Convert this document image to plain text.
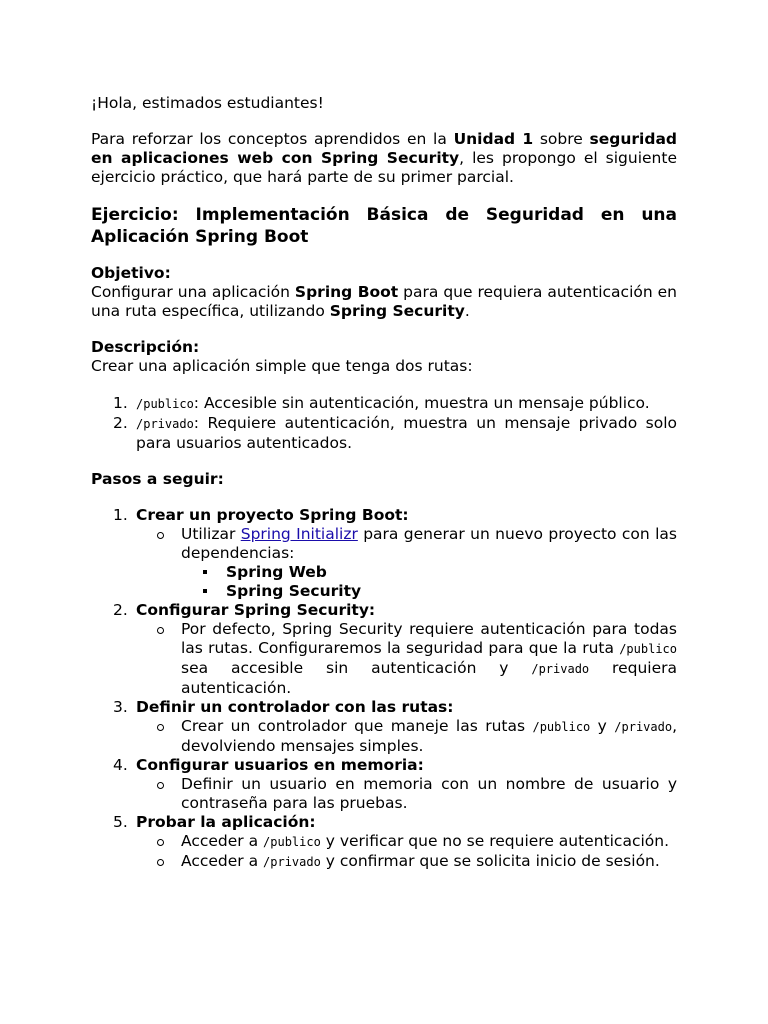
¡Hola, estimados estudiantes!

Para reforzar los conceptos aprendidos en la Unidad 1 sobre seguridad en aplicaciones web con Spring Security, les propongo el siguiente ejercicio práctico, que hará parte de su primer parcial.

Ejercicio: Implementación Básica de Seguridad en una
Aplicación Spring Boot

Objetivo:

Configurar una aplicación Spring Boot para que requiera autenticación en una ruta específica, utilizando Spring Security.

Descripción:

Crear una aplicación simple que tenga dos rutas:

1. /publico: Accesible sin autenticación, muestra un mensaje público.
2. /privado: Requiere autenticación, muestra un mensaje privado solo para usuarios autenticados.

Pasos a seguir:

1. Crear un proyecto Spring Boot:
Utilizar Spring Initializr para generar un nuevo proyecto con las dependencias:
Spring Web
Spring Security
2. Configurar Spring Security:
Por defecto, Spring Security requiere autenticación para todas las rutas. Configuraremos la seguridad para que la ruta /publico sea accesible sin autenticación y /privado requiera autenticación.
3. Definir un controlador con las rutas:
Crear un controlador que maneje las rutas /publico y /privado, devolviendo mensajes simples.
4. Configurar usuarios en memoria:
Definir un usuario en memoria con un nombre de usuario y contraseña para las pruebas.
5. Probar la aplicación:
Acceder a /publico y verificar que no se requiere autenticación.
Acceder a /privado y confirmar que se solicita inicio de sesión.
